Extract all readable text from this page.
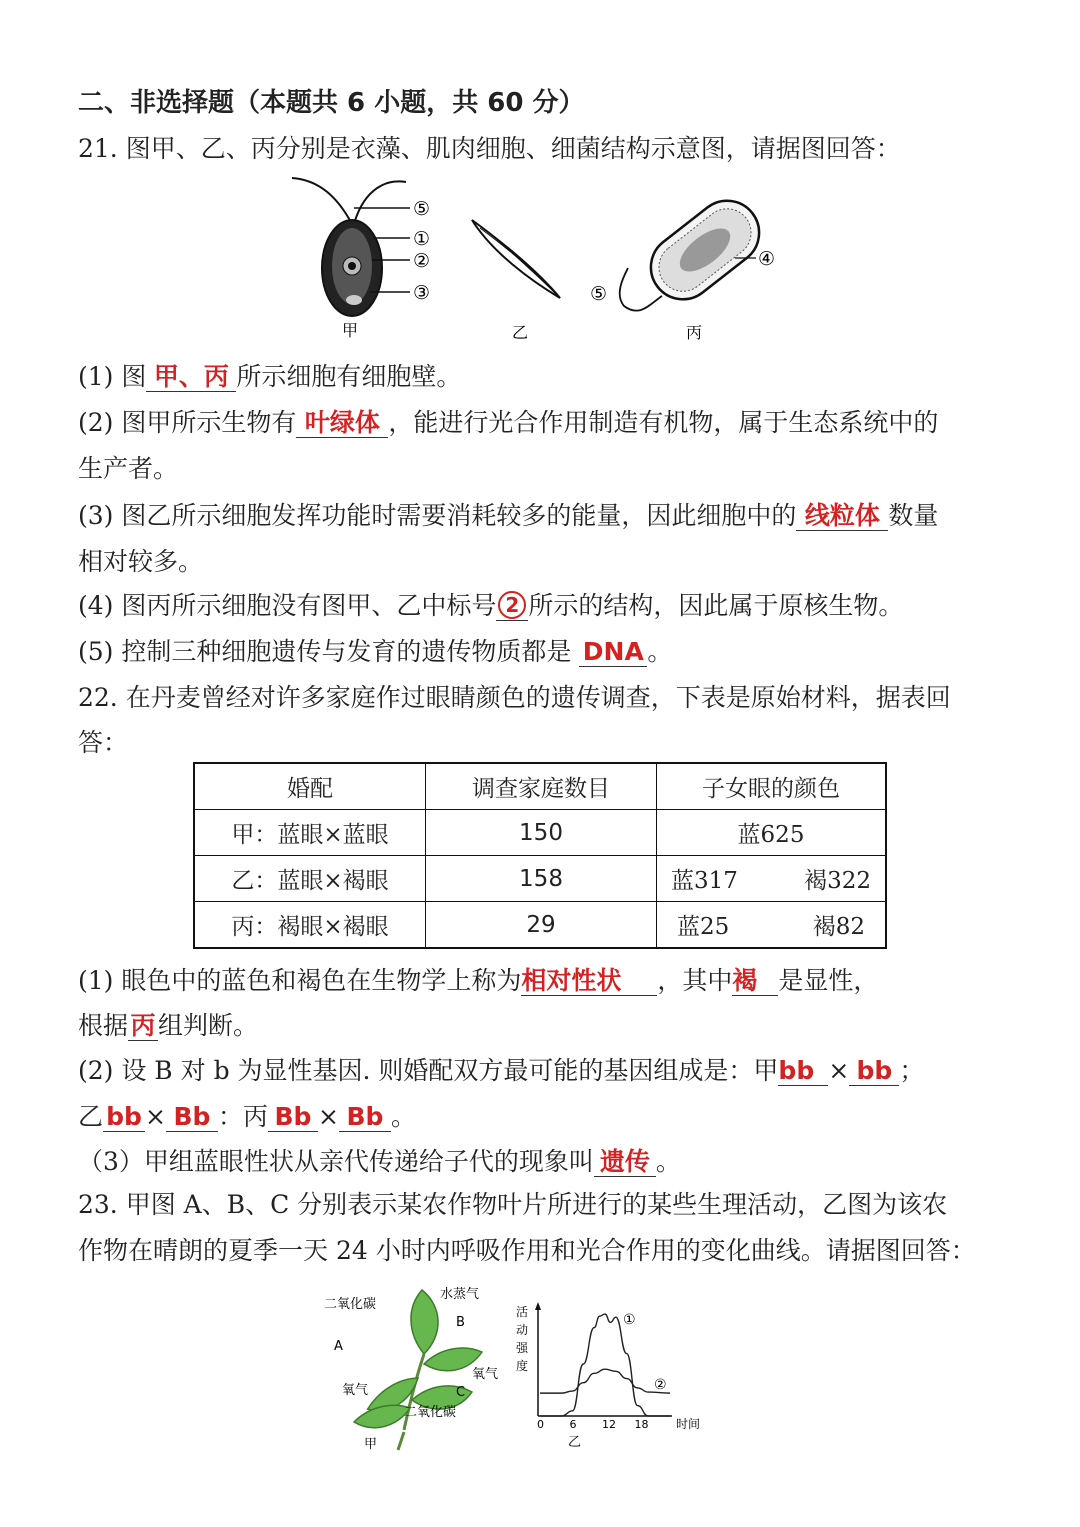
二、非选择题（本题共 6 小题，共 60 分）
21. 图甲、乙、丙分别是衣藻、肌肉细胞、细菌结构示意图，请据图回答：
⑤
①
②
③
甲	乙
④
⑤
丙
(1) 图 甲、丙 所示细胞有细胞壁。
(2) 图甲所示生物有 叶绿体 ，能进行光合作用制造有机物，属于生态系统中的
生产者。
(3) 图乙所示细胞发挥功能时需要消耗较多的能量，因此细胞中的 线粒体 数量
相对较多。
(4) 图丙所示细胞没有图甲、乙中标号 2 所示的结构，因此属于原核生物。
(5) 控制三种细胞遗传与发育的遗传物质都是 DNA 。
22. 在丹麦曾经对许多家庭作过眼睛颜色的遗传调查，下表是原始材料，据表回
答：
婚配	调查家庭数目	子女眼的颜色
甲：蓝眼×蓝眼	150	蓝625
乙：蓝眼×褐眼	158	蓝317 褐322

丙：褐眼×褐眼	29	蓝25 褐82
(1) 眼色中的蓝色和褐色在生物学上称为相对性状 ，其中褐 是显性，
根据丙 组判断。
(2) 设 B 对 b 为显性基因. 则婚配双方最可能的基因组成是：甲bb × bb ；
乙 bb × Bb ：丙 Bb × Bb 。
（3）甲组蓝眼性状从亲代传递给子代的现象叫 遗传 。
23. 甲图 A、B、C 分别表示某农作物叶片所进行的某些生理活动，乙图为该农
作物在晴朗的夏季一天 24 小时内呼吸作用和光合作用的变化曲线。请据图回答：
二氧化碳
水蒸气
A
B
氧气
氧气
C
二氧化碳
甲
活
动
强
度
0 6 12 18
①
②
时间
乙
